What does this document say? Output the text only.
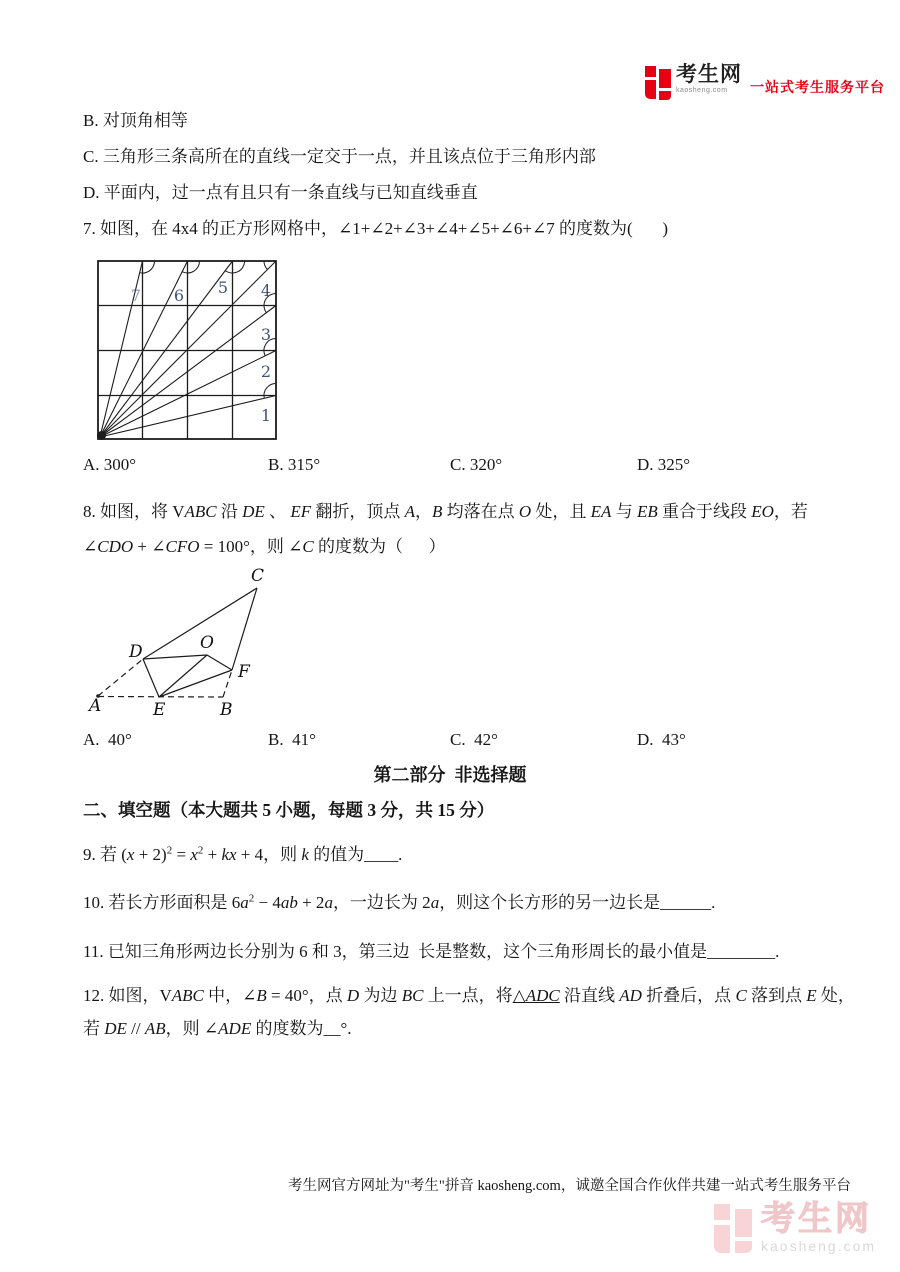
考生网
kaosheng.com 一站式考生服务平台
B. 对顶角相等
C. 三角形三条高所在的直线一定交于一点，并且该点位于三角形内部
D. 平面内，过一点有且只有一条直线与已知直线垂直
7. 如图，在 4x4 的正方形网格中，∠1+∠2+∠3+∠4+∠5+∠6+∠7 的度数为(       )
7 6 5 4
3
2
1
A. 300°	B. 315°	C. 320°	D. 325°
8. 如图，将 VABC 沿 DE 、 EF 翻折，顶点 A，B 均落在点 O 处，且 EA 与 EB 重合于线段 EO，若
∠CDO + ∠CFO = 100°，则 ∠C 的度数为（      ）
A	B
C
D
E
F
O
A.  40°	B.  41°	C.  42°	D.  43°
第二部分  非选择题
二、填空题（本大题共 5 小题，每题 3 分，共 15 分）
9. 若 $(x + 2)^2 = x^2$ + kx + 4，则 k 的值为____.
10. 若长方形面积是 $6a^2 - 4ab + 2a$，一边长为 2a，则这个长方形的另一边长是______.
11. 已知三角形两边长分别为 6 和 3，第三边  长是整数，这个三角形周长的最小值是________.
12. 如图，VABC 中，∠B = 40°，点 D 为边 BC 上一点，将△ADC 沿直线 AD 折叠后，点 C 落到点 E 处，
若 DE // AB，则 ∠ADE 的度数为__°.
考生网官方网址为"考生"拼音 kaosheng.com，诚邀全国合作伙伴共建一站式考生服务平台
考生网
kaosheng.com
